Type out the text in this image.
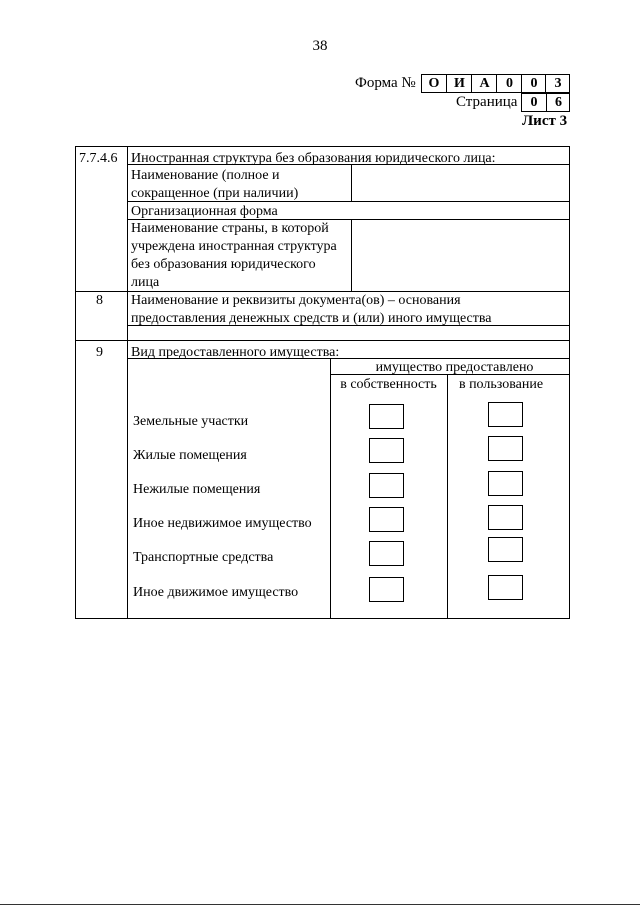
38
Форма № О	И	А	0	0	3
Страница 0	6
Лист 3
7.7.4.6 Иностранная структура без образования юридического лица:
Наименование (полное и
сокращенное (при наличии)
Организационная форма
Наименование страны, в которой
учреждена иностранная структура
без образования юридического
лица
8 Наименование и реквизиты документа(ов) – основания
предоставления денежных средств и (или) иного имущества
9 Вид предоставленного имущества:
имущество предоставлено
в собственность	в пользование
Земельные участки
Жилые помещения
Нежилые помещения
Иное недвижимое имущество
Транспортные средства
Иное движимое имущество
